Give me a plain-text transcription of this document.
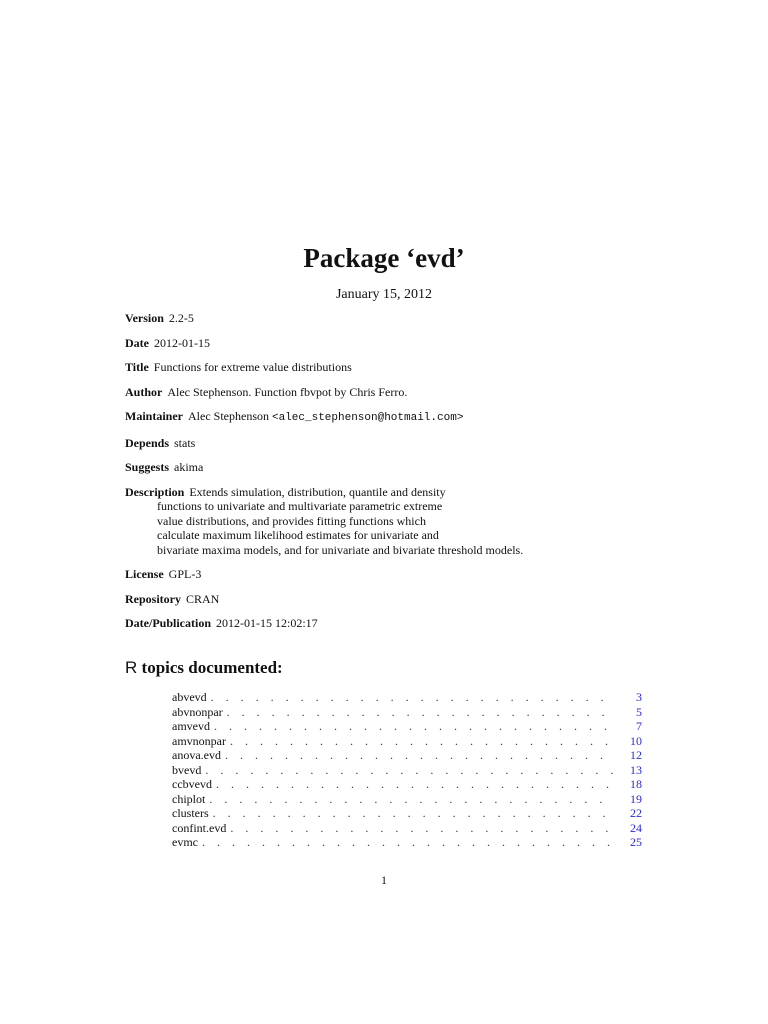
Package ‘evd’
January 15, 2012
Version 2.2-5
Date 2012-01-15
Title Functions for extreme value distributions
Author Alec Stephenson. Function fbvpot by Chris Ferro.
Maintainer Alec Stephenson <alec_stephenson@hotmail.com>
Depends stats
Suggests akima
Description Extends simulation, distribution, quantile and density
functions to univariate and multivariate parametric extreme
value distributions, and provides fitting functions which
calculate maximum likelihood estimates for univariate and
bivariate maxima models, and for univariate and bivariate threshold models.
License GPL-3
Repository CRAN
Date/Publication 2012-01-15 12:02:17
R topics documented:
abvevd . . .	3
abvnonpar . . .	5
amvevd . . .	7
amvnonpar . . .	10
anova.evd . . .	12
bvevd . . .	13
ccbvevd . . .	18
chiplot . . .	19
clusters . . .	22
confint.evd . . .	24
evmc . . .	25
1
